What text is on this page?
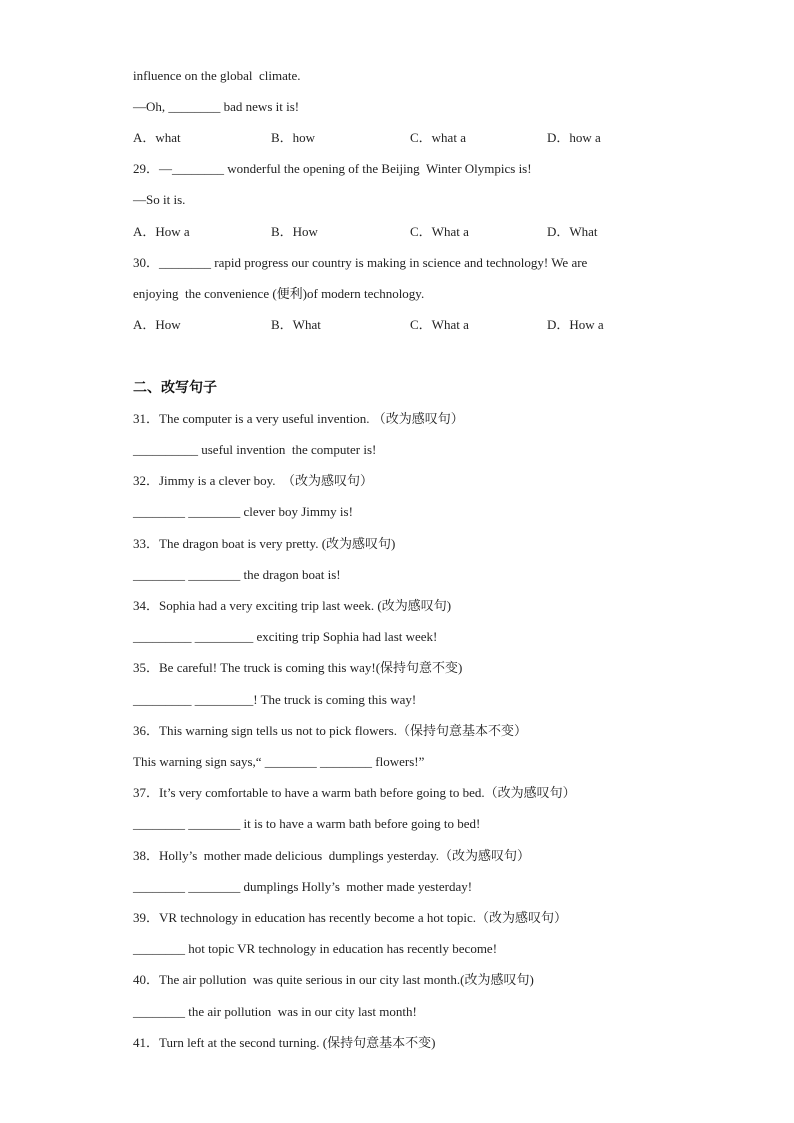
influence on the global  climate.
—Oh, ________ bad news it is!
A．what	B．how	C．what a	D．how a
29．—________ wonderful the opening of the Beijing  Winter Olympics is!
—So it is.
A．How a	B．How	C．What a	D．What
30．________ rapid progress our country is making in science and technology! We are
enjoying  the convenience (便利)of modern technology.
A．How	B．What	C．What a	D．How a
二、改写句子
31．The computer is a very useful invention. （改为感叹句）
__________ useful invention  the computer is!
32．Jimmy is a clever boy.  （改为感叹句）
________ ________ clever boy Jimmy is!
33．The dragon boat is very pretty. (改为感叹句)
________ ________ the dragon boat is!
34．Sophia had a very exciting trip last week. (改为感叹句)
_________ _________ exciting trip Sophia had last week!
35．Be careful! The truck is coming this way!(保持句意不变)
_________ _________! The truck is coming this way!
36．This warning sign tells us not to pick flowers.（保持句意基本不变）
This warning sign says,“ ________ ________ flowers!”
37．It’s very comfortable to have a warm bath before going to bed.（改为感叹句）
________ ________ it is to have a warm bath before going to bed!
38．Holly’s  mother made delicious  dumplings yesterday.（改为感叹句）
________ ________ dumplings Holly’s  mother made yesterday!
39．VR technology in education has recently become a hot topic.（改为感叹句）
________ hot topic VR technology in education has recently become!
40．The air pollution  was quite serious in our city last month.(改为感叹句)
________ the air pollution  was in our city last month!
41．Turn left at the second turning. (保持句意基本不变)
